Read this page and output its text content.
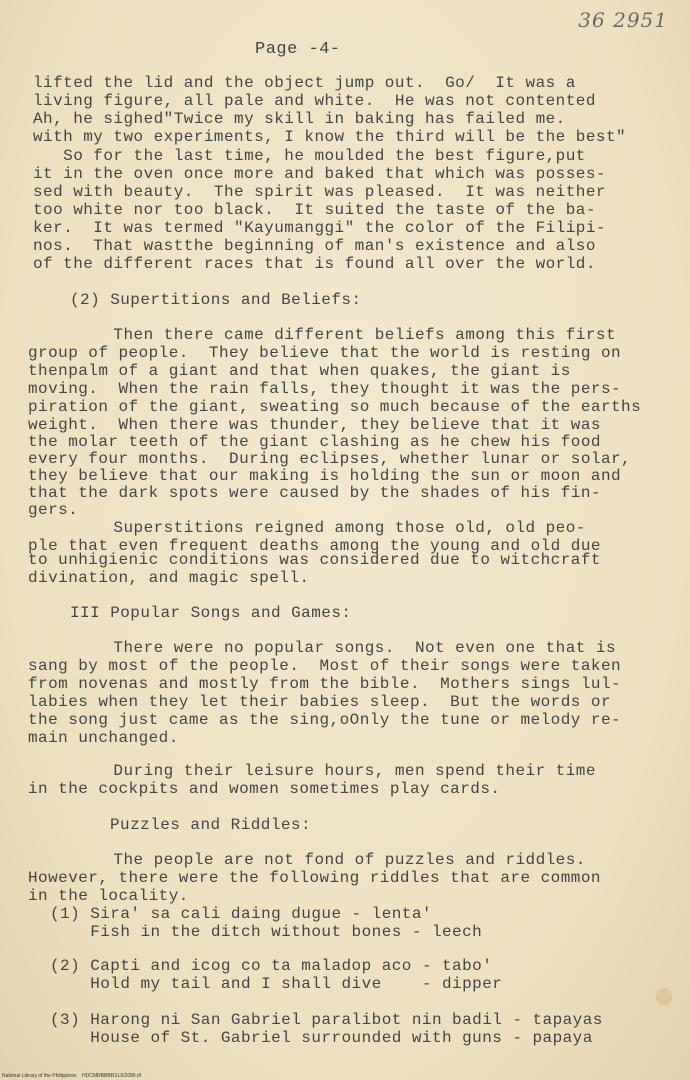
36 2951
Page -4-
lifted the lid and the object jump out.  Go/  It was a
living figure, all pale and white.  He was not contented
Ah, he sighed"Twice my skill in baking has failed me.
with my two experiments, I know the third will be the best"
So for the last time, he moulded the best figure,put
it in the oven once more and baked that which was posses-
sed with beauty.  The spirit was pleased.  It was neither
too white nor too black.  It suited the taste of the ba-
ker.  It was termed "Kayumanggi" the color of the Filipi-
nos.  That wastthe beginning of man's existence and also
of the different races that is found all over the world.
(2) Supertitions and Beliefs:
Then there came different beliefs among this first
group of people.  They believe that the world is resting on
thenpalm of a giant and that when quakes, the giant is
moving.  When the rain falls, they thought it was the pers-
piration of the giant, sweating so much because of the earths
weight.  When there was thunder, they believe that it was
the molar teeth of the giant clashing as he chew his food
every four months.  During eclipses, whether lunar or solar,
they believe that our making is holding the sun or moon and
that the dark spots were caused by the shades of his fin-
gers.
Superstitions reigned among those old, old peo-
ple that even frequent deaths among the young and old due
to unhigienic conditions was considered due to witchcraft
divination, and magic spell.
III Popular Songs and Games:
There were no popular songs.  Not even one that is
sang by most of the people.  Most of their songs were taken
from novenas and mostly from the bible.  Mothers sings lul-
labies when they let their babies sleep.  But the words or
the song just came as the sing,oOnly the tune or melody re-
main unchanged.
During their leisure hours, men spend their time
in the cockpits and women sometimes play cards.
Puzzles and Riddles:
The people are not fond of puzzles and riddles.
However, there were the following riddles that are common
in the locality.
(1) Sira' sa cali daing dugue - lenta'
Fish in the ditch without bones - leech
(2) Capti and icog co ta maladop aco - tabo'
Hold my tail and I shall dive    - dipper
(3) Harong ni San Gabriel paralibot nin badil - tapayas
House of St. Gabriel surrounded with guns - papaya
National Library of the Philippines    HDCMRBBBRSL6/2086.tif
